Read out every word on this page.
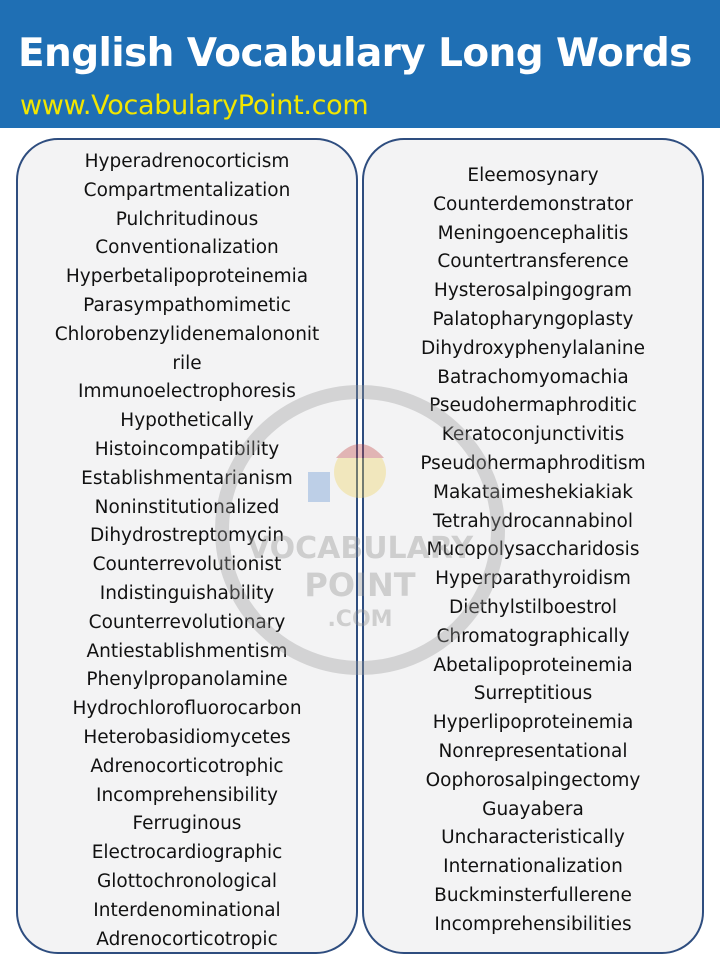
English Vocabulary Long Words
www.VocabularyPoint.com
Hyperadrenocorticism
Compartmentalization
Pulchritudinous
Conventionalization
Hyperbetalipoproteinemia
Parasympathomimetic
Chlorobenzylidenemalononit
rile
Immunoelectrophoresis
Hypothetically
Histoincompatibility
Establishmentarianism
Noninstitutionalized
Dihydrostreptomycin
Counterrevolutionist
Indistinguishability
Counterrevolutionary
Antiestablishmentism
Phenylpropanolamine
Hydrochlorofluorocarbon
Heterobasidiomycetes
Adrenocorticotrophic
Incomprehensibility
Ferruginous
Electrocardiographic
Glottochronological
Interdenominational
Adrenocorticotropic
Eleemosynary
Counterdemonstrator
Meningoencephalitis
Countertransference
Hysterosalpingogram
Palatopharyngoplasty
Dihydroxyphenylalanine
Batrachomyomachia
Pseudohermaphroditic
Keratoconjunctivitis
Pseudohermaphroditism
Makataimeshekiakiak
Tetrahydrocannabinol
Mucopolysaccharidosis
Hyperparathyroidism
Diethylstilboestrol
Chromatographically
Abetalipoproteinemia
Surreptitious
Hyperlipoproteinemia
Nonrepresentational
Oophorosalpingectomy
Guayabera
Uncharacteristically
Internationalization
Buckminsterfullerene
Incomprehensibilities
VOCABULARY
POINT
.COM
